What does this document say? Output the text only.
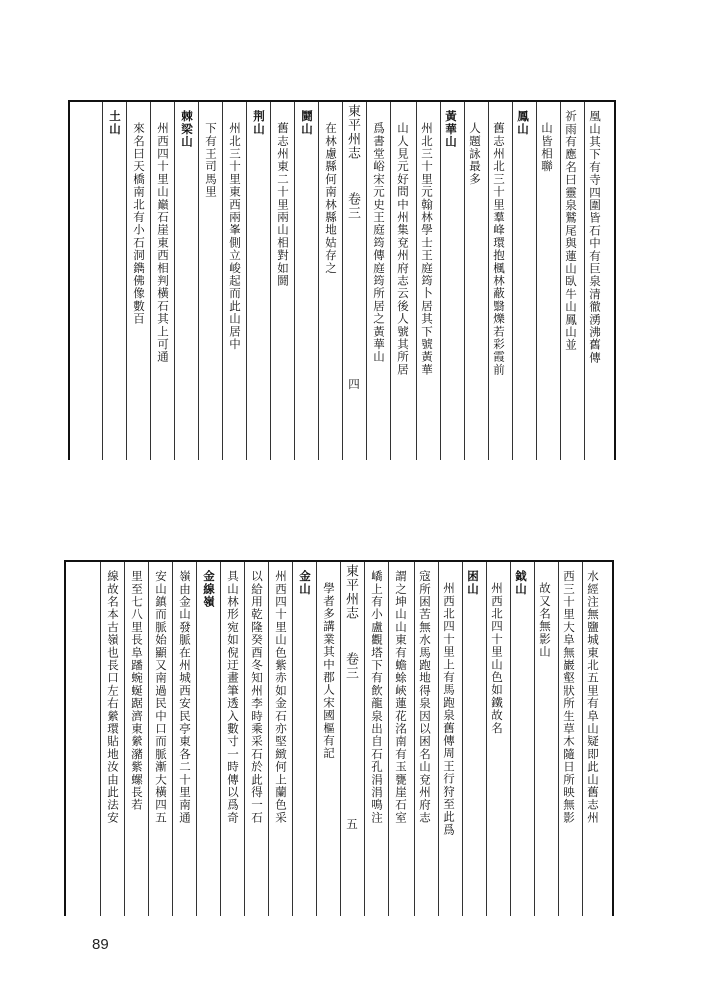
凰山其下有寺四圍皆石中有巨泉清徹湧沸舊傳
祈雨有應名曰靈泉鷲尾與蓮山臥牛山鳳山並
山皆相聯
鳳山
舊志州北三十里羣峰環抱楓林蔽翳爍若彩霞前
人題詠最多
黃華山
州北三十里元翰林學士王庭筠卜居其下號黃華
山人見元好問中州集兗州府志云後人號其所居
爲書堂峪宋元史王庭筠傳庭筠所居之黃華山
東平州志
卷三
四
在林慮縣何南林縣地姑存之
鬪山
舊志州東二十里兩山相對如鬪
荆山
州北三十里東西兩峯側立峻起而此山居中
下有王司馬里
棘梁山
州西四十里山巔石崖東西相判橫石其上可通
來名曰天橋南北有小石洞鐫佛像數百
土山
水經注無鹽城東北五里有阜山疑即此山舊志州
西三十里大阜無巖壑狀所生草木隨日所映無影
故又名無影山
鉞山
州西北四十里山色如鐵故名
困山
州西北四十里上有馬跑泉舊傳周王行狩至此爲
寇所困苦無水馬跑地得泉因以困名山兗州府志
謂之坤山山東有蟾蜍峽蓮花洺南有玉甕崖石室
嶠上有小盧觀塔下有飲龍泉出自石孔涓涓鳴注
東平州志
卷三
五
學者多講業其中郡人宋國樞有記
金山
州西四十里山色紫赤如金石亦堅緻何上蘭色采
以給用乾隆癸酉冬知州李時乘采石於此得一石
具山林形宛如倪迂畫筆透入數寸一時傳以爲奇
金線嶺
嶺由金山發脈在州城西安民亭東各二十里南通
安山鎮而脈始顯又南過民中口而脈漸大橫四五
里至七八里長阜蹯蜿蜒踞濟東縈瀦紫螺長若
線故名本古嶺也長口左右縈環貼地汝由此法安
89
